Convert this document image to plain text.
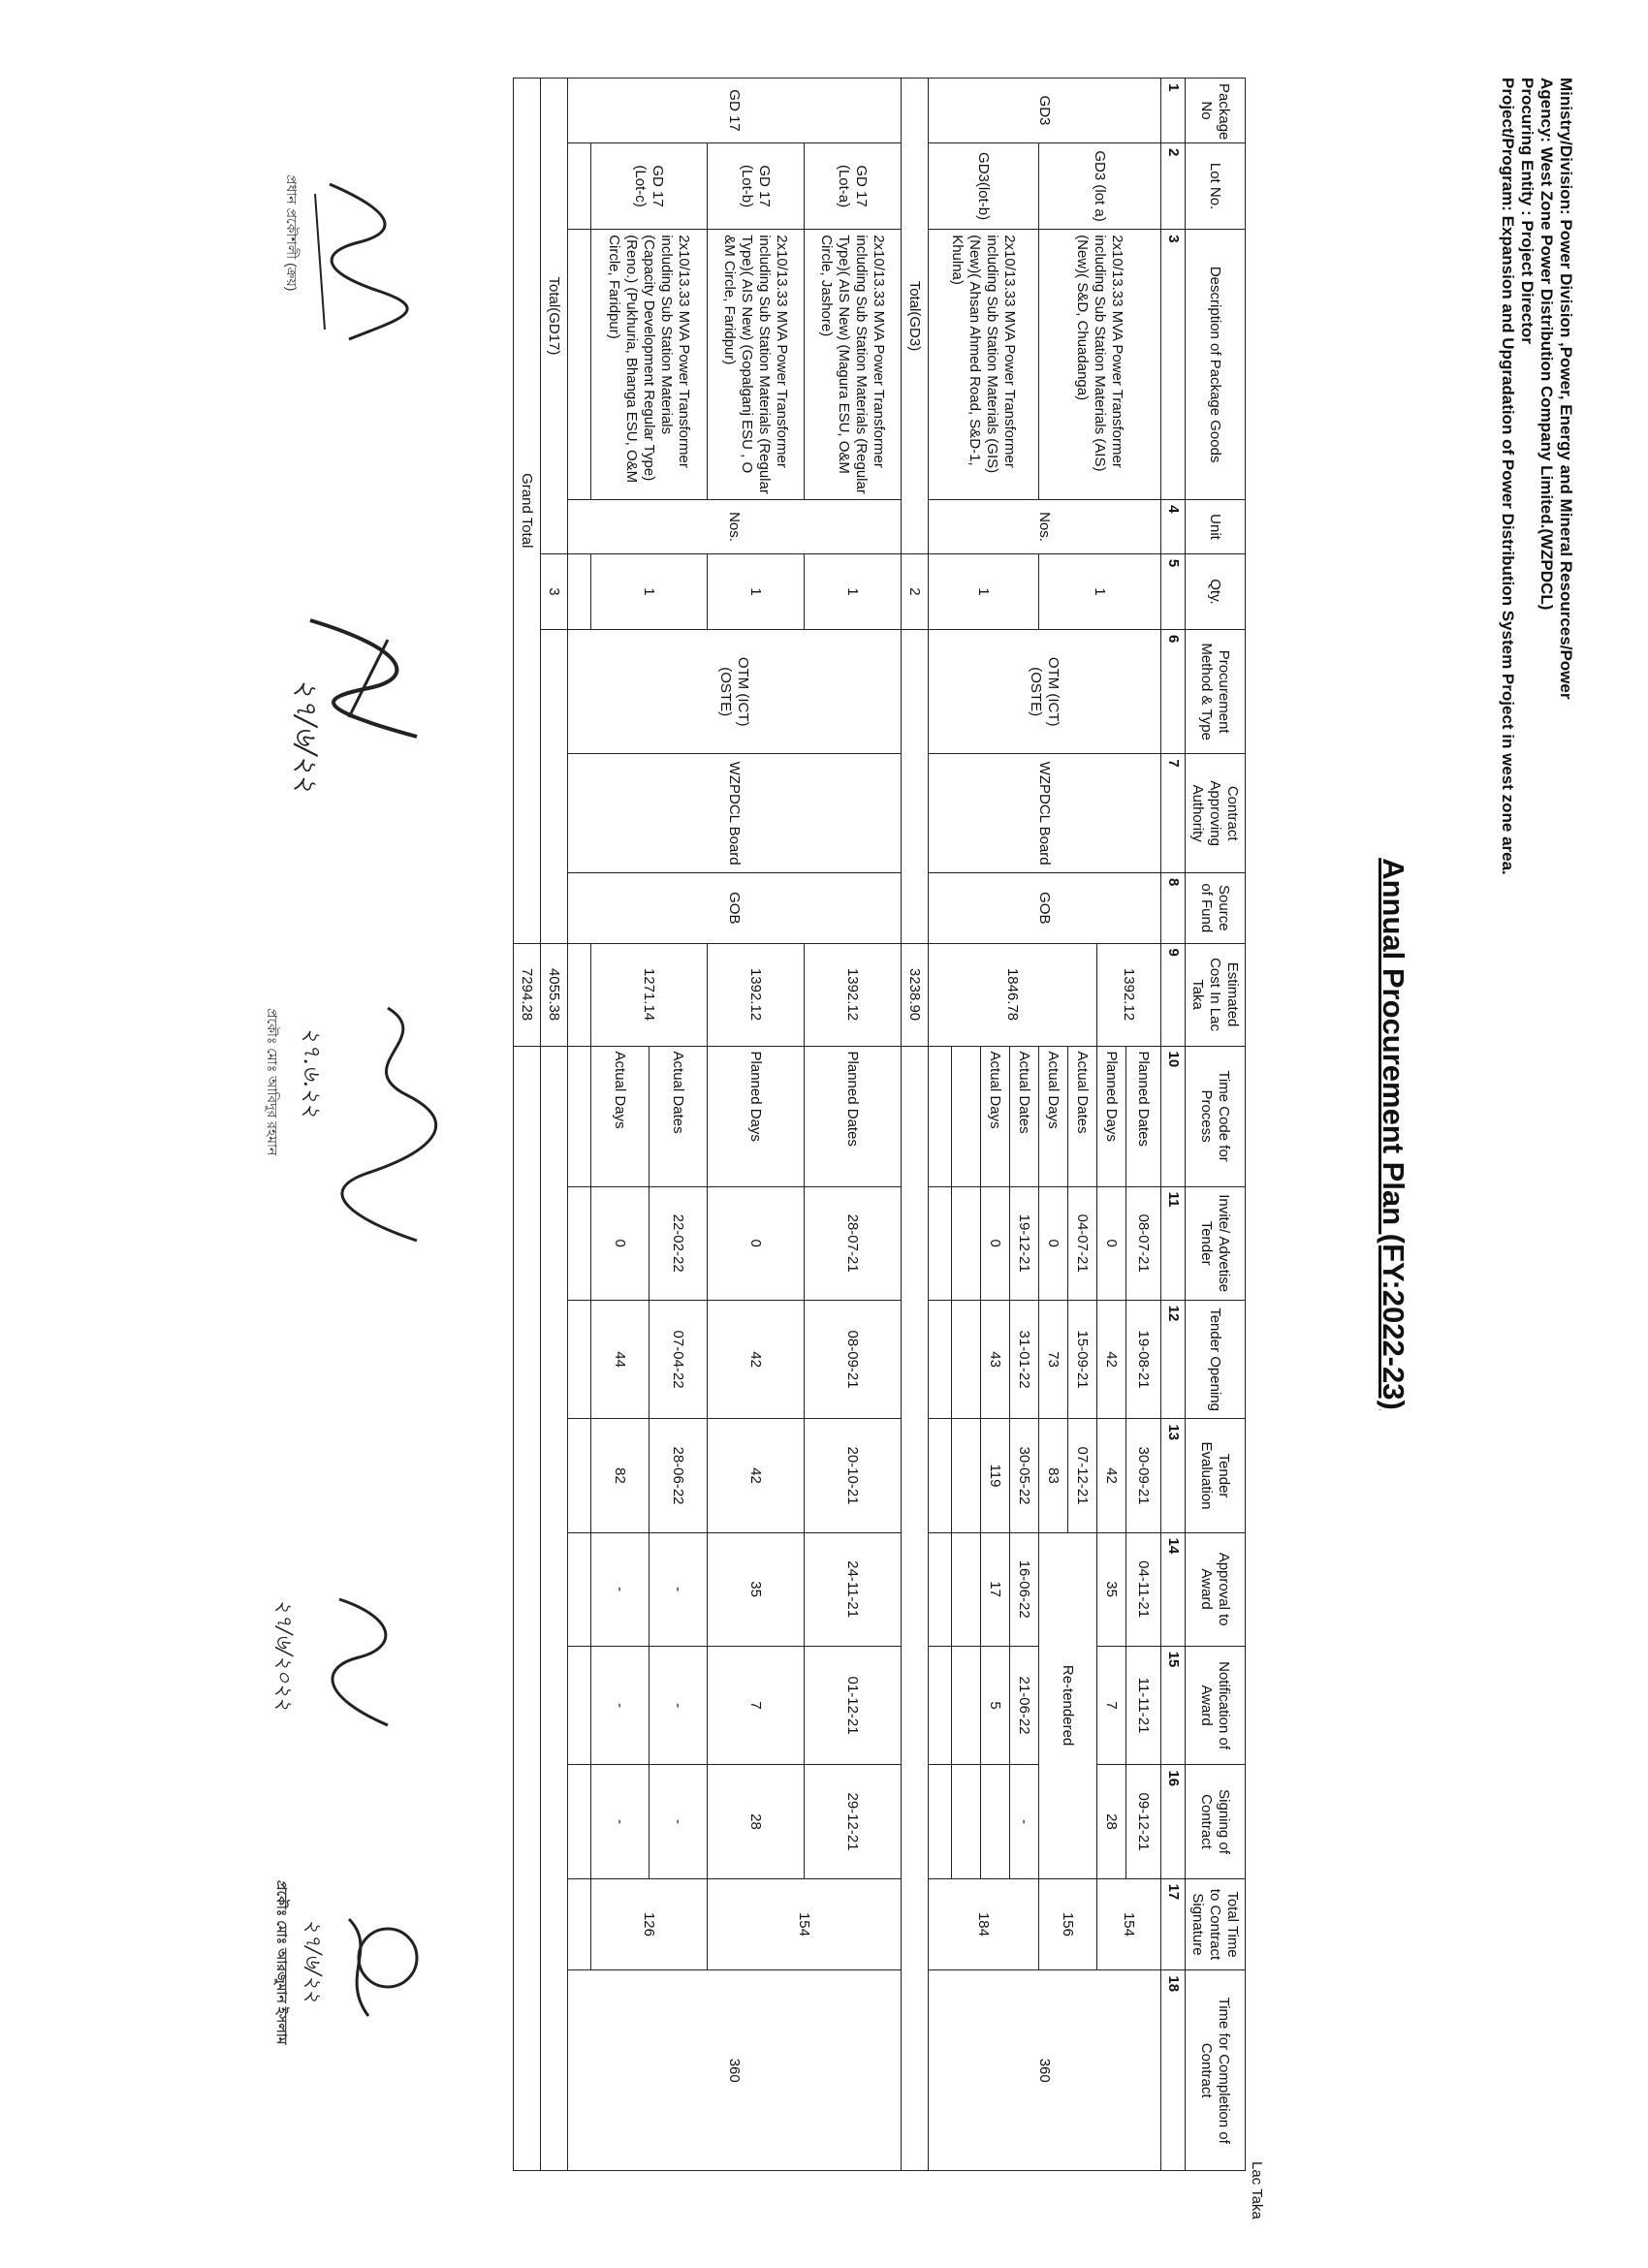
Ministry/Division: Power Division ,Power, Energy and Mineral Resources/Power
Agency: West Zone Power Distribution Company Limited.(WZPDCL)
Procuring Entity : Project Director
Project/Program: Expansion and Upgradation of Power Distribution System Project in west zone area.
Annual Procurement Plan (FY:2022-23)
Lac Taka
Package No	Lot No.	Description of Package Goods	Unit	Qty.	Procurement Method & Type	Contract Approving Authority	Source of Fund	Estimated Cost In Lac Taka	Time Code for Process	Invite/ Advetise Tender	Tender Opening	Tender Evaluation	Approval to Award	Notification of Award	Signing of Contract	Total Time to Contract Signature	Time for Completion of Contract
1	2	3	4	5	6	7	8	9	10	11	12	13	14	15	16	17	18
GD3	GD3 (lot a)	2x10/13.33 MVA Power Transformer including Sub Station Materials (AIS)(New)( S&D, Chuadanga)	Nos.	1	OTM (ICT) (OSTE)	WZPDCL Board	GOB	1392.12	Planned Dates	08-07-21	19-08-21	30-09-21	04-11-21	11-11-21	09-12-21	154	360
									Planned Days	0	42	42	35	7	28		
								1846.78	Actual Dates	04-07-21	15-09-21	07-12-21	Re-tendered			156	
									Actual Days	0	73	83					
	GD3(lot-b)	2x10/13.33 MVA Power Transformer including Sub Station Materials (GIS)(New)( Ahsan Ahmed Road, S&D-1, Khulna)		1					Actual Dates	19-12-21	31-01-22	30-05-22	16-06-22	21-06-22	-	184	
									Actual Days	0	43	119	17	5			

Total(GD3)				2				3238.90									
GD 17	GD 17 (Lot-a)	2x10/13.33 MVA Power Transformer including Sub Station Materials (Regular Type)( AIS New) (Magura ESU, O&M Circle, Jashore)	Nos.	1	OTM (ICT) (OSTE)	WZPDCL Board	GOB	1392.12	Planned Dates	28-07-21	08-09-21	20-10-21	24-11-21	01-12-21	29-12-21	154	360
	GD 17 (Lot-b)	2x10/13.33 MVA Power Transformer including Sub Station Materials (Regular Type)( AIS New) (Gopalganj ESU , O &M Circle, Faridpur)		1				1392.12	Planned Days	0	42	42	35	7	28		
	GD 17 (Lot-c)	2x10/13.33 MVA Power Transformer including Sub Station Materials (Capacity Development Regular Type)(Reno.) (Pukhuria, Bhanga ESU, O&M Circle, Faridpur)		1				1271.14	Actual Dates	22-02-22	07-04-22	28-06-22	-	-	-	126	
									Actual Days	0	44	82	-	-	-		

Total(GD17)				3				4055.38									
Grand Total								7294.28									
প্রধান প্রকৌশলী (ক্রয়)
২৭/৬/২২
২৭.৬.২২
প্রকৌঃ মোঃ আবিদুর রহমান
২৭/৬/২০২২
২৭/৬/২২
প্রকৌঃ মোঃ আরজুমান ইসলাম
